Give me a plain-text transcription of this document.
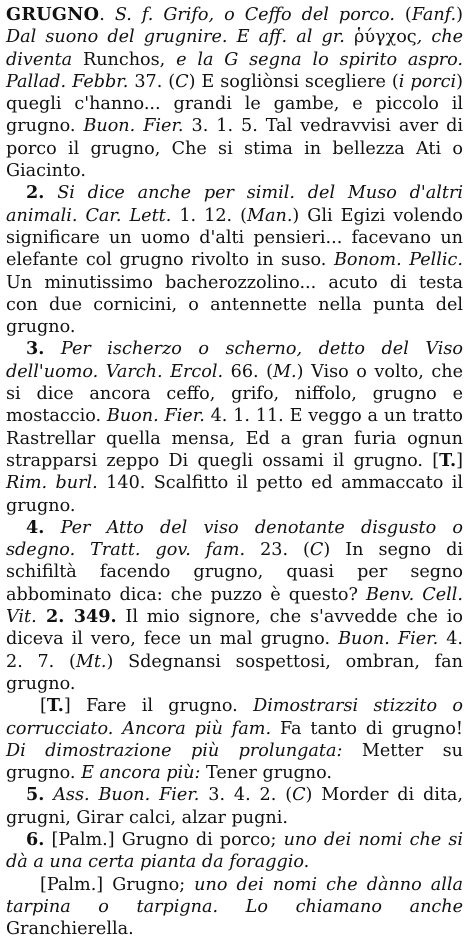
GRUGNO. S. f. Grifo, o Ceffo del porco. (Fanf.) Dal suono del grugnire. E aff. al gr. ῥύγχος, che diventa Runchos, e la G segna lo spirito aspro. Pallad. Febbr. 37. (C) E sogliònsi scegliere (i porci) quegli c'hanno... grandi le gambe, e piccolo il grugno. Buon. Fier. 3. 1. 5. Tal vedravvisi aver di porco il grugno, Che si stima in bellezza Ati o Giacinto.

2. Si dice anche per simil. del Muso d'altri animali. Car. Lett. 1. 12. (Man.) Gli Egizi volendo significare un uomo d'alti pensieri... facevano un elefante col grugno rivolto in suso. Bonom. Pellic. Un minutissimo bacherozzolino... acuto di testa con due cornicini, o antennette nella punta del grugno.

3. Per ischerzo o scherno, detto del Viso dell'uomo. Varch. Ercol. 66. (M.) Viso o volto, che si dice ancora ceffo, grifo, niffolo, grugno e mostaccio. Buon. Fier. 4. 1. 11. E veggo a un tratto Rastrellar quella mensa, Ed a gran furia ognun strapparsi zeppo Di quegli ossami il grugno. [T.] Rim. burl. 140. Scalfitto il petto ed ammaccato il grugno.

4. Per Atto del viso denotante disgusto o sdegno. Tratt. gov. fam. 23. (C) In segno di schifiltà facendo grugno, quasi per segno abbominato dica: che puzzo è questo? Benv. Cell. Vit. 2. 349. Il mio signore, che s'avvedde che io diceva il vero, fece un mal grugno. Buon. Fier. 4. 2. 7. (Mt.) Sdegnansi sospettosi, ombran, fan grugno.

[T.] Fare il grugno. Dimostrarsi stizzito o corrucciato. Ancora più fam. Fa tanto di grugno! Di dimostrazione più prolungata: Metter su grugno. E ancora più: Tener grugno.

5. Ass. Buon. Fier. 3. 4. 2. (C) Morder di dita, grugni, Girar calci, alzar pugni.

6. [Palm.] Grugno di porco; uno dei nomi che si dà a una certa pianta da foraggio.

[Palm.] Grugno; uno dei nomi che dànno alla tarpina o tarpigna. Lo chiamano anche Granchierella.
